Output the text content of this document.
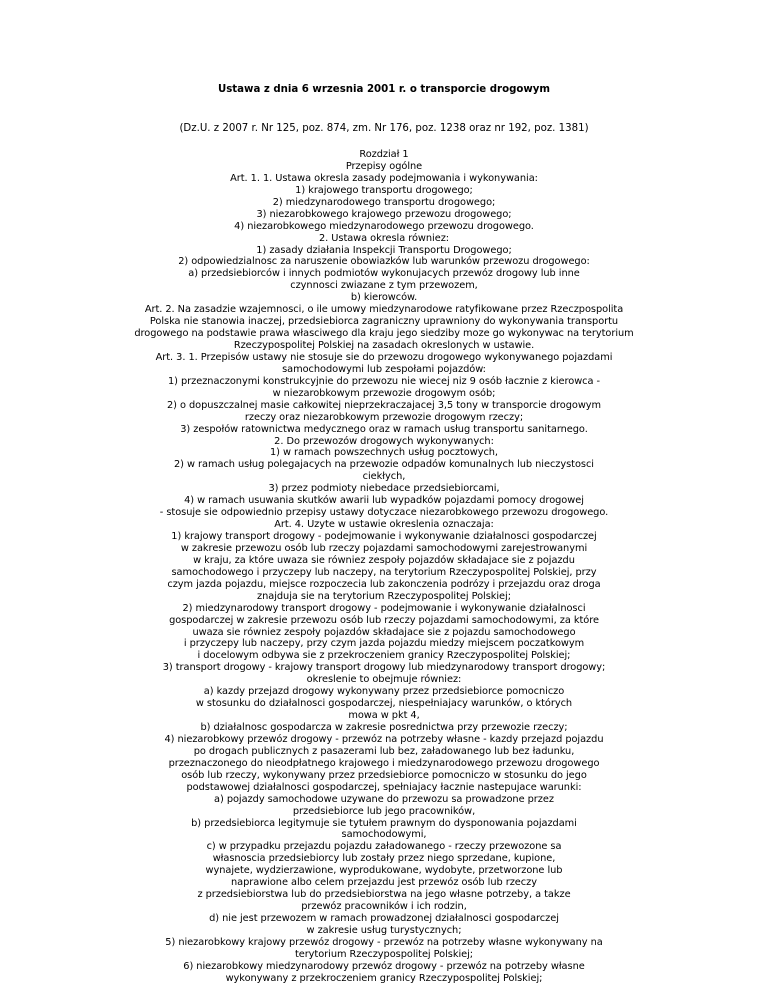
Ustawa z dnia 6 wrzesnia 2001 r. o transporcie drogowym
(Dz.U. z 2007 r. Nr 125, poz. 874, zm. Nr 176, poz. 1238 oraz nr 192, poz. 1381)
Rozdział 1
Przepisy ogólne
Art. 1. 1. Ustawa okresla zasady podejmowania i wykonywania:
1) krajowego transportu drogowego;
2) miedzynarodowego transportu drogowego;
3) niezarobkowego krajowego przewozu drogowego;
4) niezarobkowego miedzynarodowego przewozu drogowego.
2. Ustawa okresla równiez:
1) zasady działania Inspekcji Transportu Drogowego;
2) odpowiedzialnosc za naruszenie obowiazków lub warunków przewozu drogowego:
a) przedsiebiorców i innych podmiotów wykonujacych przewóz drogowy lub inne
czynnosci zwiazane z tym przewozem,
b) kierowców.
Art. 2. Na zasadzie wzajemnosci, o ile umowy miedzynarodowe ratyfikowane przez Rzeczpospolita
Polska nie stanowia inaczej, przedsiebiorca zagraniczny uprawniony do wykonywania transportu
drogowego na podstawie prawa własciwego dla kraju jego siedziby moze go wykonywac na terytorium
Rzeczypospolitej Polskiej na zasadach okreslonych w ustawie.
Art. 3. 1. Przepisów ustawy nie stosuje sie do przewozu drogowego wykonywanego pojazdami
samochodowymi lub zespołami pojazdów:
1) przeznaczonymi konstrukcyjnie do przewozu nie wiecej niz 9 osób łacznie z kierowca -
w niezarobkowym przewozie drogowym osób;
2) o dopuszczalnej masie całkowitej nieprzekraczajacej 3,5 tony w transporcie drogowym
rzeczy oraz niezarobkowym przewozie drogowym rzeczy;
3) zespołów ratownictwa medycznego oraz w ramach usług transportu sanitarnego.
2. Do przewozów drogowych wykonywanych:
1) w ramach powszechnych usług pocztowych,
2) w ramach usług polegajacych na przewozie odpadów komunalnych lub nieczystosci
ciekłych,
3) przez podmioty niebedace przedsiebiorcami,
4) w ramach usuwania skutków awarii lub wypadków pojazdami pomocy drogowej
- stosuje sie odpowiednio przepisy ustawy dotyczace niezarobkowego przewozu drogowego.
Art. 4. Uzyte w ustawie okreslenia oznaczaja:
1) krajowy transport drogowy - podejmowanie i wykonywanie działalnosci gospodarczej
w zakresie przewozu osób lub rzeczy pojazdami samochodowymi zarejestrowanymi
w kraju, za które uwaza sie równiez zespoły pojazdów składajace sie z pojazdu
samochodowego i przyczepy lub naczepy, na terytorium Rzeczypospolitej Polskiej, przy
czym jazda pojazdu, miejsce rozpoczecia lub zakonczenia podrózy i przejazdu oraz droga
znajduja sie na terytorium Rzeczypospolitej Polskiej;
2) miedzynarodowy transport drogowy - podejmowanie i wykonywanie działalnosci
gospodarczej w zakresie przewozu osób lub rzeczy pojazdami samochodowymi, za które
uwaza sie równiez zespoły pojazdów składajace sie z pojazdu samochodowego
i przyczepy lub naczepy, przy czym jazda pojazdu miedzy miejscem poczatkowym
i docelowym odbywa sie z przekroczeniem granicy Rzeczypospolitej Polskiej;
3) transport drogowy - krajowy transport drogowy lub miedzynarodowy transport drogowy;
okreslenie to obejmuje równiez:
a) kazdy przejazd drogowy wykonywany przez przedsiebiorce pomocniczo
w stosunku do działalnosci gospodarczej, niespełniajacy warunków, o których
mowa w pkt 4,
b) działalnosc gospodarcza w zakresie posrednictwa przy przewozie rzeczy;
4) niezarobkowy przewóz drogowy - przewóz na potrzeby własne - kazdy przejazd pojazdu
po drogach publicznych z pasazerami lub bez, załadowanego lub bez ładunku,
przeznaczonego do nieodpłatnego krajowego i miedzynarodowego przewozu drogowego
osób lub rzeczy, wykonywany przez przedsiebiorce pomocniczo w stosunku do jego
podstawowej działalnosci gospodarczej, spełniajacy łacznie nastepujace warunki:
a) pojazdy samochodowe uzywane do przewozu sa prowadzone przez
przedsiebiorce lub jego pracowników,
b) przedsiebiorca legitymuje sie tytułem prawnym do dysponowania pojazdami
samochodowymi,
c) w przypadku przejazdu pojazdu załadowanego - rzeczy przewozone sa
własnoscia przedsiebiorcy lub zostały przez niego sprzedane, kupione,
wynajete, wydzierzawione, wyprodukowane, wydobyte, przetworzone lub
naprawione albo celem przejazdu jest przewóz osób lub rzeczy
z przedsiebiorstwa lub do przedsiebiorstwa na jego własne potrzeby, a takze
przewóz pracowników i ich rodzin,
d) nie jest przewozem w ramach prowadzonej działalnosci gospodarczej
w zakresie usług turystycznych;
5) niezarobkowy krajowy przewóz drogowy - przewóz na potrzeby własne wykonywany na
terytorium Rzeczypospolitej Polskiej;
6) niezarobkowy miedzynarodowy przewóz drogowy - przewóz na potrzeby własne
wykonywany z przekroczeniem granicy Rzeczypospolitej Polskiej;
